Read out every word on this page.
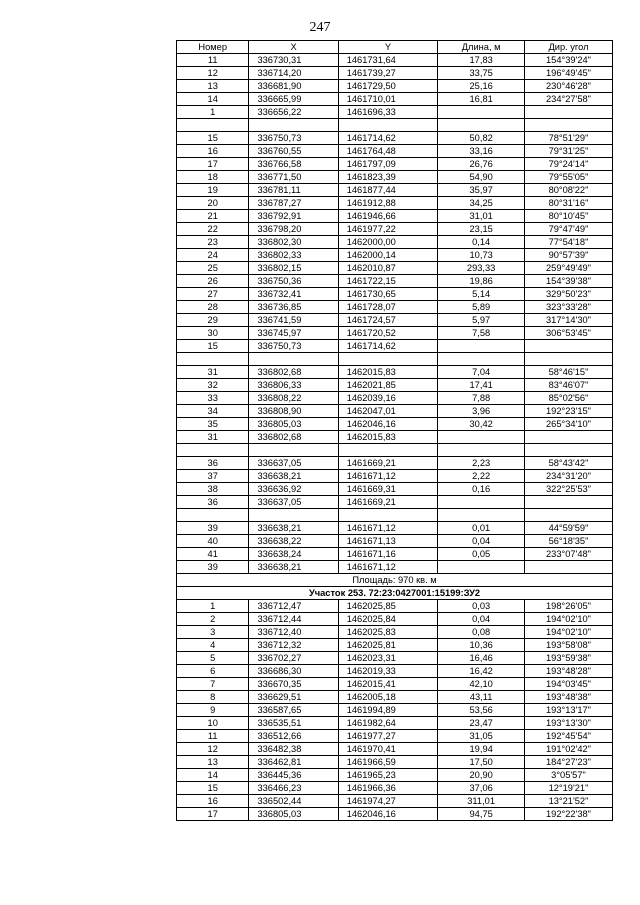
247
Номер	X	Y	Длина, м	Дир. угол
11	336730,31	1461731,64	17,83	154°39'24"
12	336714,20	1461739,27	33,75	196°49'45"
13	336681,90	1461729,50	25,16	230°46'28"
14	336665,99	1461710,01	16,81	234°27'58"
1	336656,22	1461696,33		

15	336750,73	1461714,62	50,82	78°51'29"
16	336760,55	1461764,48	33,16	79°31'25"
17	336766,58	1461797,09	26,76	79°24'14"
18	336771,50	1461823,39	54,90	79°55'05"
19	336781,11	1461877,44	35,97	80°08'22"
20	336787,27	1461912,88	34,25	80°31'16"
21	336792,91	1461946,66	31,01	80°10'45"
22	336798,20	1461977,22	23,15	79°47'49"
23	336802,30	1462000,00	0,14	77°54'18"
24	336802,33	1462000,14	10,73	90°57'39"
25	336802,15	1462010,87	293,33	259°49'49"
26	336750,36	1461722,15	19,86	154°39'38"
27	336732,41	1461730,65	5,14	329°50'23"
28	336736,85	1461728,07	5,89	323°33'28"
29	336741,59	1461724,57	5,97	317°14'30"
30	336745,97	1461720,52	7,58	306°53'45"
15	336750,73	1461714,62		

31	336802,68	1462015,83	7,04	58°46'15"
32	336806,33	1462021,85	17,41	83°46'07"
33	336808,22	1462039,16	7,88	85°02'56"
34	336808,90	1462047,01	3,96	192°23'15"
35	336805,03	1462046,16	30,42	265°34'10"
31	336802,68	1462015,83		

36	336637,05	1461669,21	2,23	58°43'42"
37	336638,21	1461671,12	2,22	234°31'20"
38	336636,92	1461669,31	0,16	322°25'53"
36	336637,05	1461669,21		

39	336638,21	1461671,12	0,01	44°59'59"
40	336638,22	1461671,13	0,04	56°18'35"
41	336638,24	1461671,16	0,05	233°07'48"
39	336638,21	1461671,12		
Площадь: 970 кв. м				
Участок 253. 72:23:0427001:15199:ЗУ2				
1	336712,47	1462025,85	0,03	198°26'05"
2	336712,44	1462025,84	0,04	194°02'10"
3	336712,40	1462025,83	0,08	194°02'10"
4	336712,32	1462025,81	10,36	193°58'08"
5	336702,27	1462023,31	16,46	193°59'38"
6	336686,30	1462019,33	16,42	193°48'28"
7	336670,35	1462015,41	42,10	194°03'45"
8	336629,51	1462005,18	43,11	193°48'38"
9	336587,65	1461994,89	53,56	193°13'17"
10	336535,51	1461982,64	23,47	193°13'30"
11	336512,66	1461977,27	31,05	192°45'54"
12	336482,38	1461970,41	19,94	191°02'42"
13	336462,81	1461966,59	17,50	184°27'23"
14	336445,36	1461965,23	20,90	3°05'57"
15	336466,23	1461966,36	37,06	12°19'21"
16	336502,44	1461974,27	311,01	13°21'52"
17	336805,03	1462046,16	94,75	192°22'38"
